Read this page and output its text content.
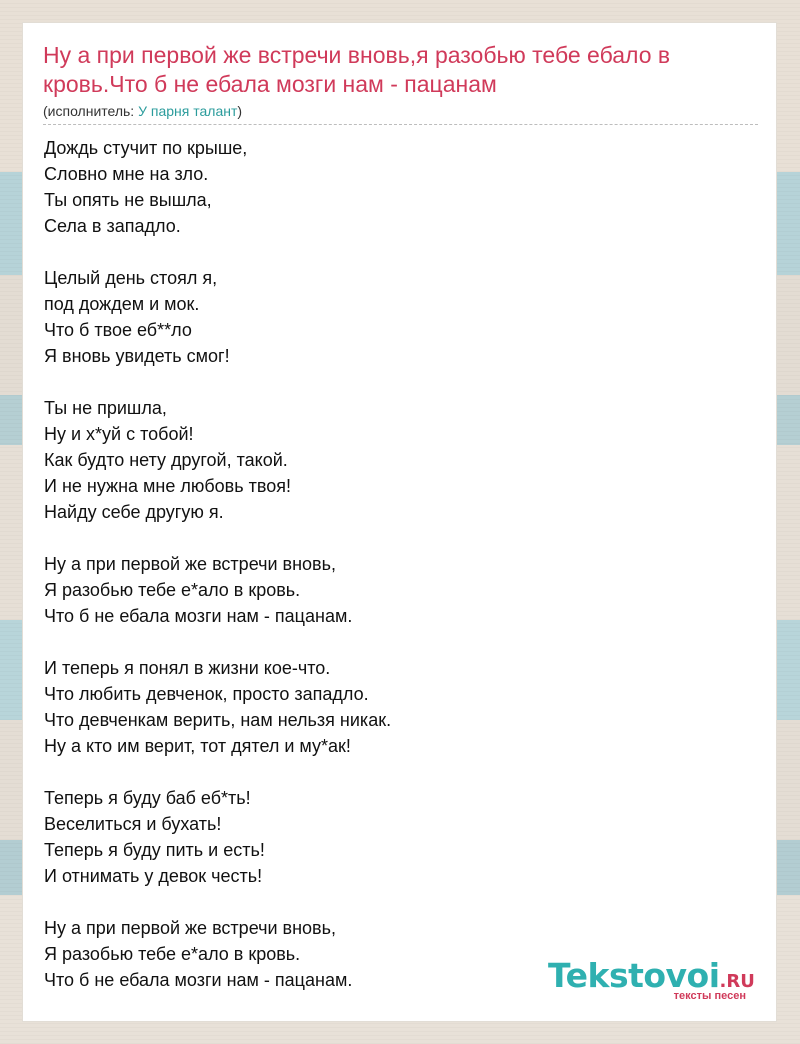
Ну а при первой же встречи вновь,я разобью тебе ебало в кровь.Что б не ебала мозги нам - пацанам
(исполнитель: У парня талант)
Дождь стучит по крыше,
Словно мне на зло.
Ты опять не вышла,
Села в западло.

Целый день стоял я,
под дождем и мок.
Что б твое еб**ло
Я вновь увидеть смог!

Ты не пришла,
Ну и х*уй с тобой!
Как будто нету другой, такой.
И не нужна мне любовь твоя!
Найду себе другую я.

Ну а при первой же встречи вновь,
Я разобью тебе е*ало в кровь.
Что б не ебала мозги нам - пацанам.

И теперь я понял в жизни кое-что.
Что любить девченок, просто западло.
Что девченкам верить, нам нельзя никак.
Ну а кто им верит, тот дятел и му*ак!

Теперь я буду баб еб*ть!
Веселиться и бухать!
Теперь я буду пить и есть!
И отнимать у девок честь!

Ну а при первой же встречи вновь,
Я разобью тебе е*ало в кровь.
Что б не ебала мозги нам - пацанам.	Tekstovoi.RU
тексты песен
